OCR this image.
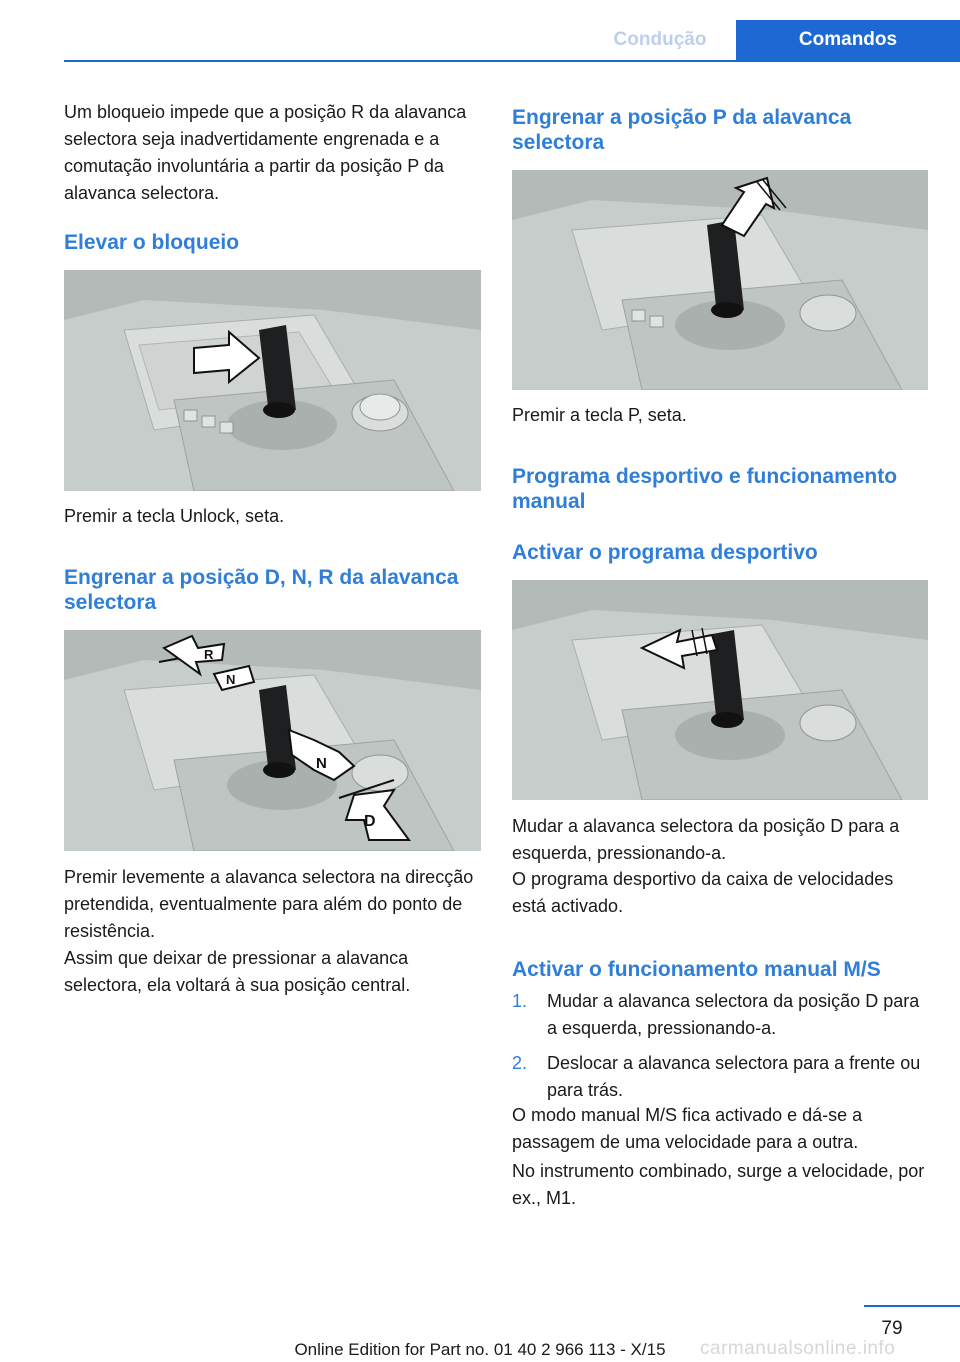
Condução	Comandos

Um bloqueio impede que a posição R da alavanca selectora seja inadvertidamente engrenada e a comutação involuntária a partir da posição P da alavanca selectora.

Elevar o bloqueio

Premir a tecla Unlock, seta.

Engrenar a posição D, N, R da alavanca selectora
R
N
N
D

Premir levemente a alavanca selectora na direcção pretendida, eventualmente para além do ponto de resistência.

Assim que deixar de pressionar a alavanca selectora, ela voltará à sua posição central.

Engrenar a posição P da alavanca selectora

Premir a tecla P, seta.

Programa desportivo e funcionamento manual
Activar o programa desportivo

Mudar a alavanca selectora da posição D para a esquerda, pressionando-a.

O programa desportivo da caixa de velocidades está activado.

Activar o funcionamento manual M/S
1. Mudar a alavanca selectora da posição D para a esquerda, pressionando-a.
2. Deslocar a alavanca selectora para a frente ou para trás.

O modo manual M/S fica activado e dá-se a passagem de uma velocidade para a outra.

No instrumento combinado, surge a velocidade, por ex., M1.

79
Online Edition for Part no. 01 40 2 966 113 - X/15	carmanualsonline.info
